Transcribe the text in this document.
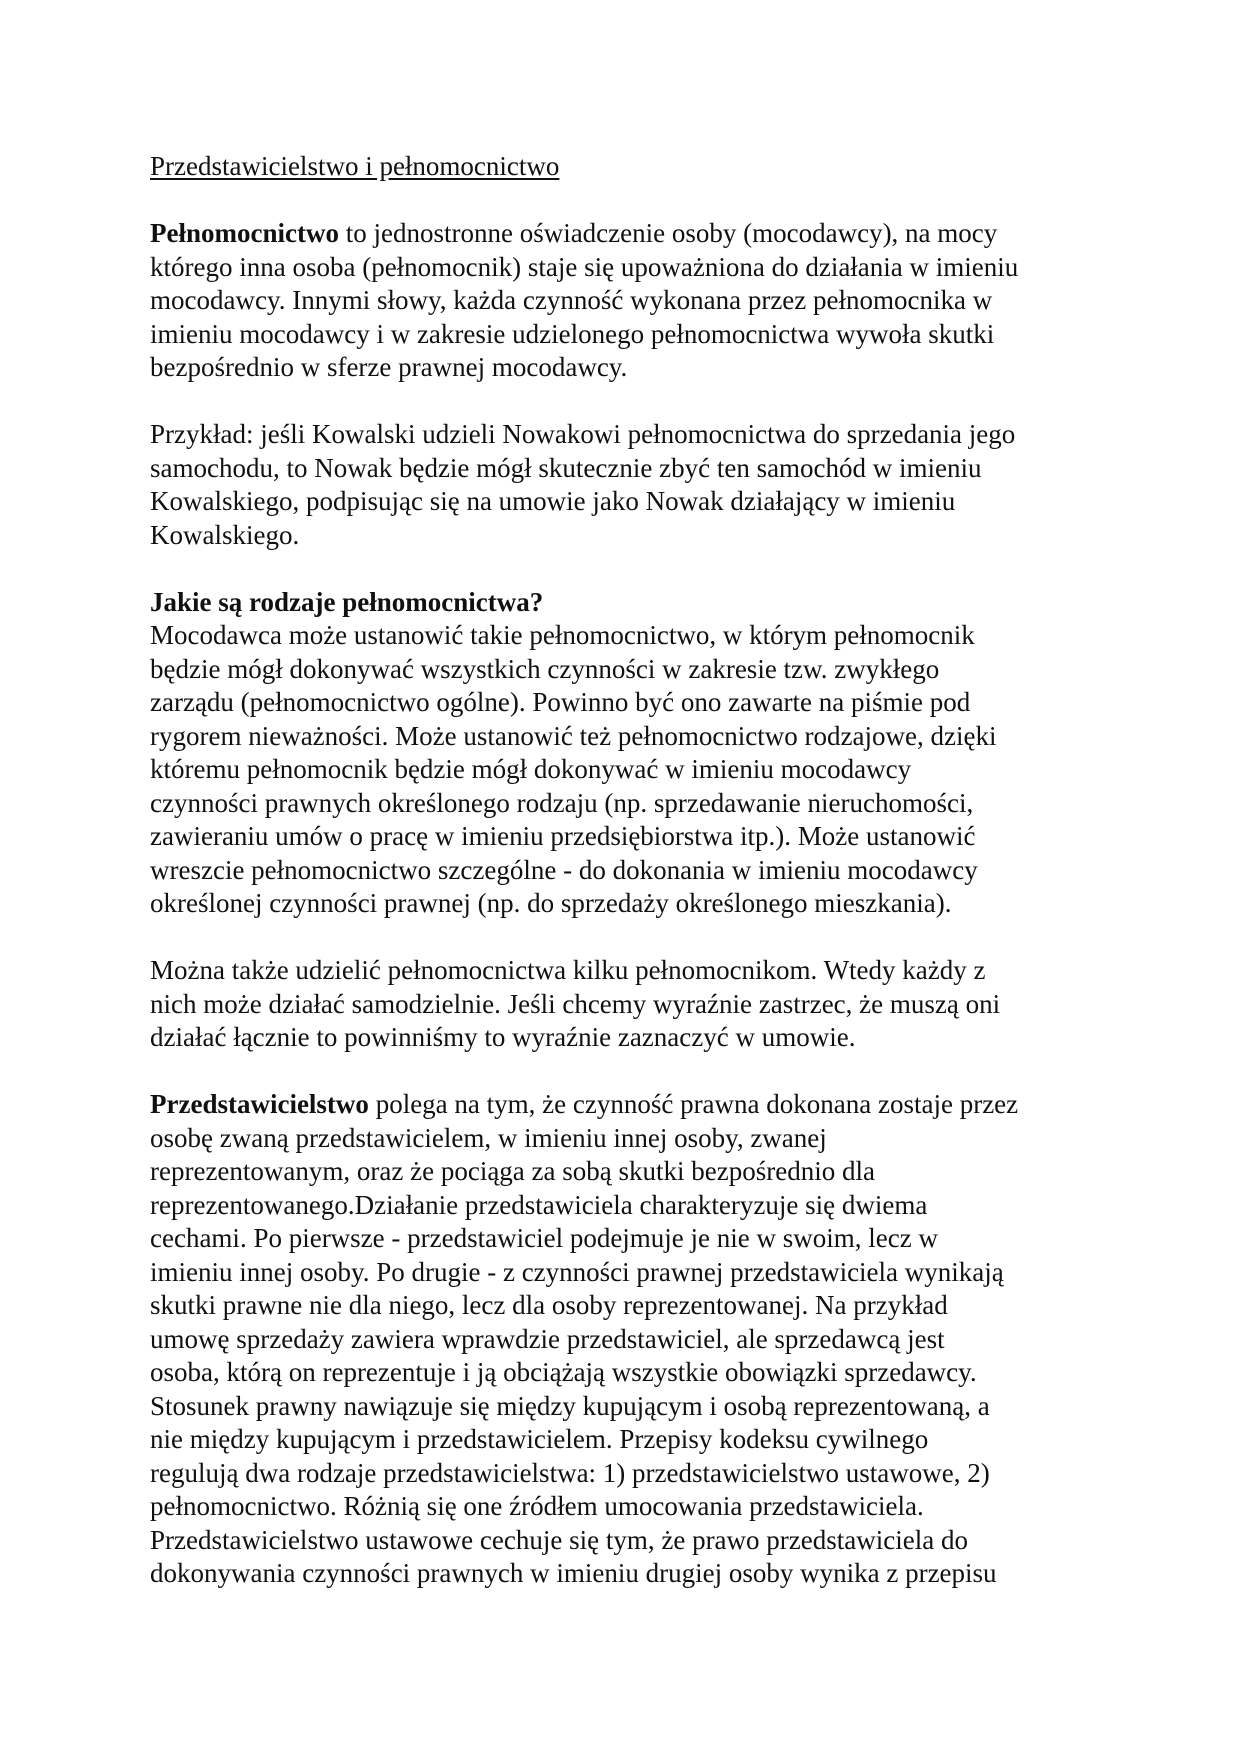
Przedstawicielstwo i pełnomocnictwo

Pełnomocnictwo to jednostronne oświadczenie osoby (mocodawcy), na mocy
którego inna osoba (pełnomocnik) staje się upoważniona do działania w imieniu
mocodawcy. Innymi słowy, każda czynność wykonana przez pełnomocnika w
imieniu mocodawcy i w zakresie udzielonego pełnomocnictwa wywoła skutki
bezpośrednio w sferze prawnej mocodawcy.

Przykład: jeśli Kowalski udzieli Nowakowi pełnomocnictwa do sprzedania jego
samochodu, to Nowak będzie mógł skutecznie zbyć ten samochód w imieniu
Kowalskiego, podpisując się na umowie jako Nowak działający w imieniu
Kowalskiego.

Jakie są rodzaje pełnomocnictwa?

Mocodawca może ustanowić takie pełnomocnictwo, w którym pełnomocnik
będzie mógł dokonywać wszystkich czynności w zakresie tzw. zwykłego
zarządu (pełnomocnictwo ogólne). Powinno być ono zawarte na piśmie pod
rygorem nieważności. Może ustanowić też pełnomocnictwo rodzajowe, dzięki
któremu pełnomocnik będzie mógł dokonywać w imieniu mocodawcy
czynności prawnych określonego rodzaju (np. sprzedawanie nieruchomości,
zawieraniu umów o pracę w imieniu przedsiębiorstwa itp.). Może ustanowić
wreszcie pełnomocnictwo szczególne - do dokonania w imieniu mocodawcy
określonej czynności prawnej (np. do sprzedaży określonego mieszkania).

Można także udzielić pełnomocnictwa kilku pełnomocnikom. Wtedy każdy z
nich może działać samodzielnie. Jeśli chcemy wyraźnie zastrzec, że muszą oni
działać łącznie to powinniśmy to wyraźnie zaznaczyć w umowie.

Przedstawicielstwo polega na tym, że czynność prawna dokonana zostaje przez
osobę zwaną przedstawicielem, w imieniu innej osoby, zwanej
reprezentowanym, oraz że pociąga za sobą skutki bezpośrednio dla
reprezentowanego.Działanie przedstawiciela charakteryzuje się dwiema
cechami. Po pierwsze - przedstawiciel podejmuje je nie w swoim, lecz w
imieniu innej osoby. Po drugie - z czynności prawnej przedstawiciela wynikają
skutki prawne nie dla niego, lecz dla osoby reprezentowanej. Na przykład
umowę sprzedaży zawiera wprawdzie przedstawiciel, ale sprzedawcą jest
osoba, którą on reprezentuje i ją obciążają wszystkie obowiązki sprzedawcy.
Stosunek prawny nawiązuje się między kupującym i osobą reprezentowaną, a
nie między kupującym i przedstawicielem. Przepisy kodeksu cywilnego
regulują dwa rodzaje przedstawicielstwa: 1) przedstawicielstwo ustawowe, 2)
pełnomocnictwo. Różnią się one źródłem umocowania przedstawiciela.
Przedstawicielstwo ustawowe cechuje się tym, że prawo przedstawiciela do
dokonywania czynności prawnych w imieniu drugiej osoby wynika z przepisu
